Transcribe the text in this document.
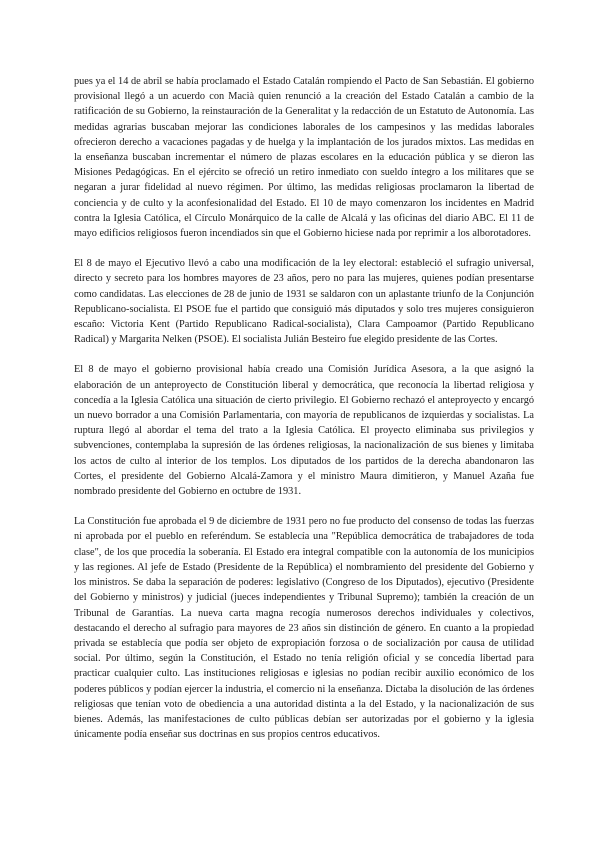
pues ya el 14 de abril se había proclamado el Estado Catalán rompiendo el Pacto de San Sebastián. El gobierno provisional llegó a un acuerdo con Macià quien renunció a la creación del Estado Catalán a cambio de la ratificación de su Gobierno, la reinstauración de la Generalitat y la redacción de un Estatuto de Autonomía. Las medidas agrarias buscaban mejorar las condiciones laborales de los campesinos y las medidas laborales ofrecieron derecho a vacaciones pagadas y de huelga y la implantación de los jurados mixtos. Las medidas en la enseñanza buscaban incrementar el número de plazas escolares en la educación pública y se dieron las Misiones Pedagógicas. En el ejército se ofreció un retiro inmediato con sueldo íntegro a los militares que se negaran a jurar fidelidad al nuevo régimen. Por último, las medidas religiosas proclamaron la libertad de conciencia y de culto y la aconfesionalidad del Estado. El 10 de mayo comenzaron los incidentes en Madrid contra la Iglesia Católica, el Círculo Monárquico de la calle de Alcalá y las oficinas del diario ABC. El 11 de mayo edificios religiosos fueron incendiados sin que el Gobierno hiciese nada por reprimir a los alborotadores.

El 8 de mayo el Ejecutivo llevó a cabo una modificación de la ley electoral: estableció el sufragio universal, directo y secreto para los hombres mayores de 23 años, pero no para las mujeres, quienes podían presentarse como candidatas. Las elecciones de 28 de junio de 1931 se saldaron con un aplastante triunfo de la Conjunción Republicano-socialista. El PSOE fue el partido que consiguió más diputados y solo tres mujeres consiguieron escaño: Victoria Kent (Partido Republicano Radical-socialista), Clara Campoamor (Partido Republicano Radical) y Margarita Nelken (PSOE). El socialista Julián Besteiro fue elegido presidente de las Cortes.

El 8 de mayo el gobierno provisional había creado una Comisión Jurídica Asesora, a la que asignó la elaboración de un anteproyecto de Constitución liberal y democrática, que reconocía la libertad religiosa y concedía a la Iglesia Católica una situación de cierto privilegio. El Gobierno rechazó el anteproyecto y encargó un nuevo borrador a una Comisión Parlamentaria, con mayoría de republicanos de izquierdas y socialistas. La ruptura llegó al abordar el tema del trato a la Iglesia Católica. El proyecto eliminaba sus privilegios y subvenciones, contemplaba la supresión de las órdenes religiosas, la nacionalización de sus bienes y limitaba los actos de culto al interior de los templos. Los diputados de los partidos de la derecha abandonaron las Cortes, el presidente del Gobierno Alcalá-Zamora y el ministro Maura dimitieron, y Manuel Azaña fue nombrado presidente del Gobierno en octubre de 1931.

La Constitución fue aprobada el 9 de diciembre de 1931 pero no fue producto del consenso de todas las fuerzas ni aprobada por el pueblo en referéndum. Se establecía una "República democrática de trabajadores de toda clase", de los que procedía la soberanía. El Estado era integral compatible con la autonomía de los municipios y las regiones. Al jefe de Estado (Presidente de la República) el nombramiento del presidente del Gobierno y los ministros. Se daba la separación de poderes: legislativo (Congreso de los Diputados), ejecutivo (Presidente del Gobierno y ministros) y judicial (jueces independientes y Tribunal Supremo); también la creación de un Tribunal de Garantías. La nueva carta magna recogía numerosos derechos individuales y colectivos, destacando el derecho al sufragio para mayores de 23 años sin distinción de género. En cuanto a la propiedad privada se establecía que podía ser objeto de expropiación forzosa o de socialización por causa de utilidad social. Por último, según la Constitución, el Estado no tenía religión oficial y se concedía libertad para practicar cualquier culto. Las instituciones religiosas e iglesias no podían recibir auxilio económico de los poderes públicos y podían ejercer la industria, el comercio ni la enseñanza. Dictaba la disolución de las órdenes religiosas que tenían voto de obediencia a una autoridad distinta a la del Estado, y la nacionalización de sus bienes. Además, las manifestaciones de culto públicas debían ser autorizadas por el gobierno y la iglesia únicamente podía enseñar sus doctrinas en sus propios centros educativos.
